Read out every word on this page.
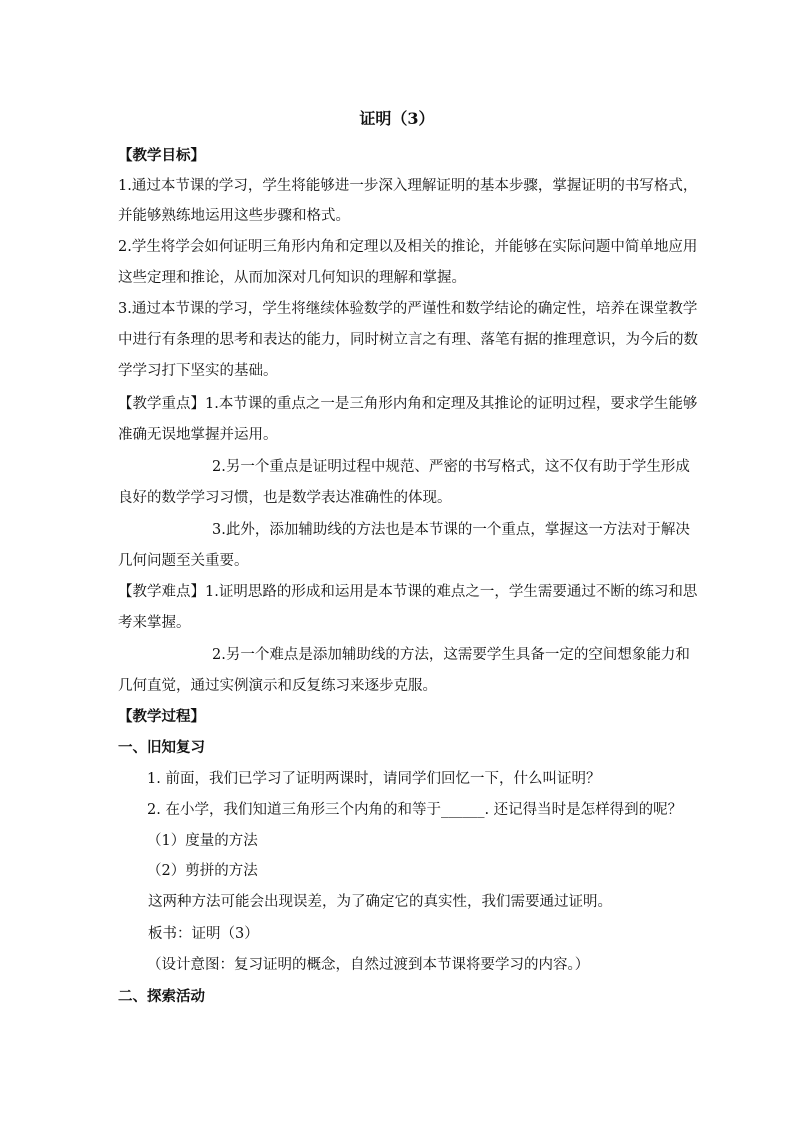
证明（3）
【教学目标】
1.通过本节课的学习，学生将能够进一步深入理解证明的基本步骤，掌握证明的书写格式，
并能够熟练地运用这些步骤和格式。
2.学生将学会如何证明三角形内角和定理以及相关的推论，并能够在实际问题中简单地应用
这些定理和推论，从而加深对几何知识的理解和掌握。
3.通过本节课的学习，学生将继续体验数学的严谨性和数学结论的确定性，培养在课堂教学
中进行有条理的思考和表达的能力，同时树立言之有理、落笔有据的推理意识，为今后的数
学学习打下坚实的基础。
【教学重点】1.本节课的重点之一是三角形内角和定理及其推论的证明过程，要求学生能够
准确无误地掌握并运用。
2.另一个重点是证明过程中规范、严密的书写格式，这不仅有助于学生形成
良好的数学学习习惯，也是数学表达准确性的体现。
3.此外，添加辅助线的方法也是本节课的一个重点，掌握这一方法对于解决
几何问题至关重要。
【教学难点】1.证明思路的形成和运用是本节课的难点之一，学生需要通过不断的练习和思
考来掌握。
2.另一个难点是添加辅助线的方法，这需要学生具备一定的空间想象能力和
几何直觉，通过实例演示和反复练习来逐步克服。
【教学过程】
一、旧知复习
1. 前面，我们已学习了证明两课时，请同学们回忆一下，什么叫证明？
2. 在小学，我们知道三角形三个内角的和等于______. 还记得当时是怎样得到的呢？
（1）度量的方法
（2）剪拼的方法
这两种方法可能会出现误差，为了确定它的真实性，我们需要通过证明。
板书：证明（3）
（设计意图：复习证明的概念，自然过渡到本节课将要学习的内容。）
二、探索活动
